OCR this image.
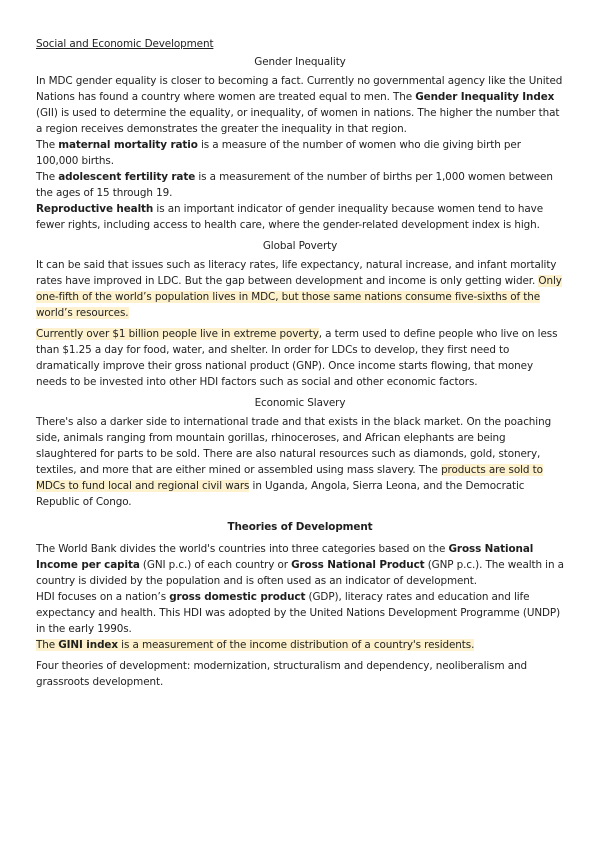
Social and Economic Development
Gender Inequality

In MDC gender equality is closer to becoming a fact. Currently no governmental agency like the United Nations has found a country where women are treated equal to men. The Gender Inequality Index (GII) is used to determine the equality, or inequality, of women in nations. The higher the number that a region receives demonstrates the greater the inequality in that region.

The maternal mortality ratio is a measure of the number of women who die giving birth per 100,000 births.

The adolescent fertility rate is a measurement of the number of births per 1,000 women between the ages of 15 through 19.

Reproductive health is an important indicator of gender inequality because women tend to have fewer rights, including access to health care, where the gender-related development index is high.

Global Poverty

It can be said that issues such as literacy rates, life expectancy, natural increase, and infant mortality rates have improved in LDC. But the gap between development and income is only getting wider. Only one-fifth of the world’s population lives in MDC, but those same nations consume five-sixths of the world’s resources.

Currently over $1 billion people live in extreme poverty, a term used to define people who live on less than $1.25 a day for food, water, and shelter. In order for LDCs to develop, they first need to dramatically improve their gross national product (GNP). Once income starts flowing, that money needs to be invested into other HDI factors such as social and other economic factors.

Economic Slavery

There's also a darker side to international trade and that exists in the black market. On the poaching side, animals ranging from mountain gorillas, rhinoceroses, and African elephants are being slaughtered for parts to be sold. There are also natural resources such as diamonds, gold, stonery, textiles, and more that are either mined or assembled using mass slavery. The products are sold to MDCs to fund local and regional civil wars in Uganda, Angola, Sierra Leona, and the Democratic Republic of Congo.

Theories of Development

The World Bank divides the world's countries into three categories based on the Gross National Income per capita (GNI p.c.) of each country or Gross National Product (GNP p.c.). The wealth in a country is divided by the population and is often used as an indicator of development.

HDI focuses on a nation’s gross domestic product (GDP), literacy rates and education and life expectancy and health. This HDI was adopted by the United Nations Development Programme (UNDP) in the early 1990s.

The GINI index is a measurement of the income distribution of a country's residents.

Four theories of development: modernization, structuralism and dependency, neoliberalism and grassroots development.
